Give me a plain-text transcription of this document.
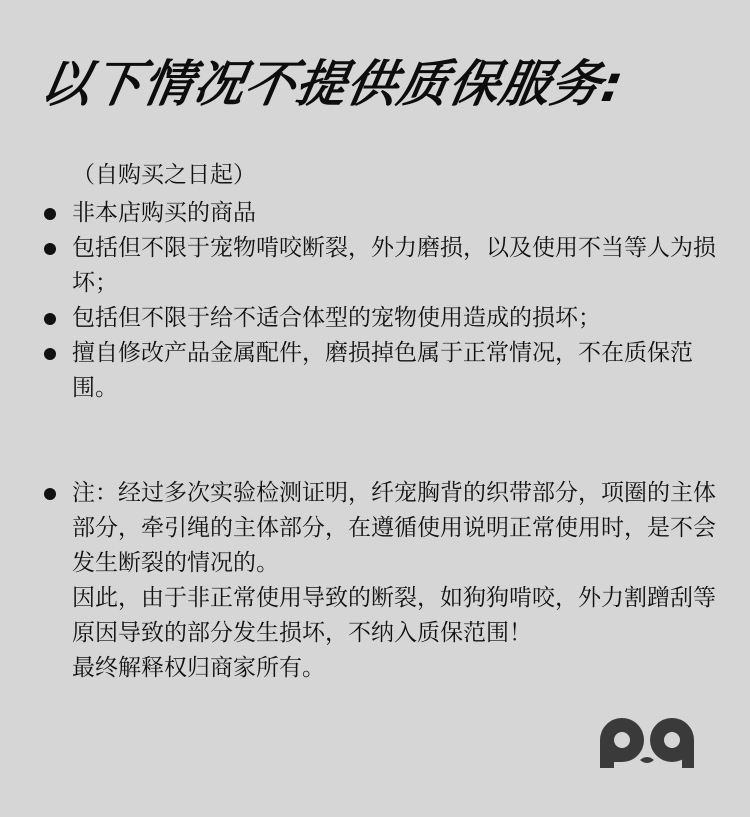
以下情况不提供质保服务:
（自购买之日起）
非本店购买的商品
包括但不限于宠物啃咬断裂，外力磨损，以及使用不当等人为损坏；
包括但不限于给不适合体型的宠物使用造成的损坏；
擅自修改产品金属配件，磨损掉色属于正常情况，不在质保范围。
注：经过多次实验检测证明，纤宠胸背的织带部分，项圈的主体部分，牵引绳的主体部分，在遵循使用说明正常使用时，是不会发生断裂的情况的。
因此，由于非正常使用导致的断裂，如狗狗啃咬，外力割蹭刮等原因导致的部分发生损坏，不纳入质保范围！
最终解释权归商家所有。
